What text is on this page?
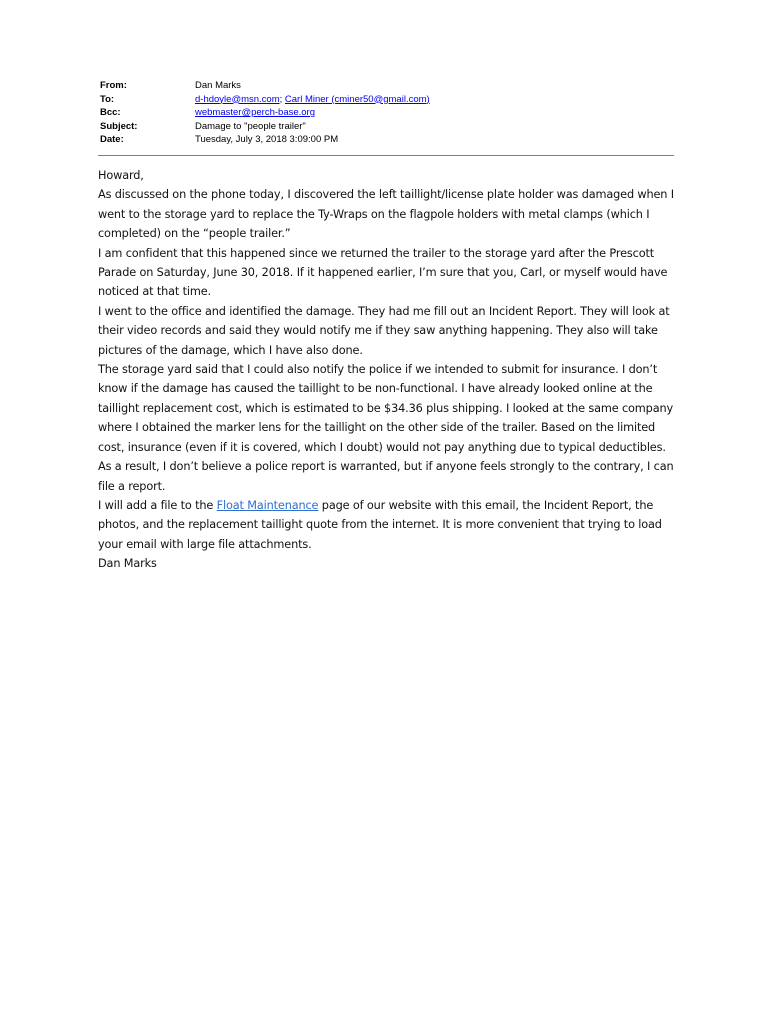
From:	Dan Marks
To:	d-hdoyle@msn.com; Carl Miner (cminer50@gmail.com)
Bcc:	webmaster@perch-base.org
Subject:	Damage to "people trailer"
Date:	Tuesday, July 3, 2018 3:09:00 PM

Howard,

As discussed on the phone today, I discovered the left taillight/license plate holder was damaged when I went to the storage yard to replace the Ty-Wraps on the flagpole holders with metal clamps (which I completed) on the “people trailer.”

I am confident that this happened since we returned the trailer to the storage yard after the Prescott Parade on Saturday, June 30, 2018. If it happened earlier, I’m sure that you, Carl, or myself would have noticed at that time.

I went to the office and identified the damage. They had me fill out an Incident Report. They will look at their video records and said they would notify me if they saw anything happening. They also will take pictures of the damage, which I have also done.

The storage yard said that I could also notify the police if we intended to submit for insurance. I don’t know if the damage has caused the taillight to be non-functional. I have already looked online at the taillight replacement cost, which is estimated to be $34.36 plus shipping. I looked at the same company where I obtained the marker lens for the taillight on the other side of the trailer. Based on the limited cost, insurance (even if it is covered, which I doubt) would not pay anything due to typical deductibles. As a result, I don’t believe a police report is warranted, but if anyone feels strongly to the contrary, I can file a report.

I will add a file to the Float Maintenance page of our website with this email, the Incident Report, the photos, and the replacement taillight quote from the internet. It is more convenient that trying to load your email with large file attachments.

Dan Marks
